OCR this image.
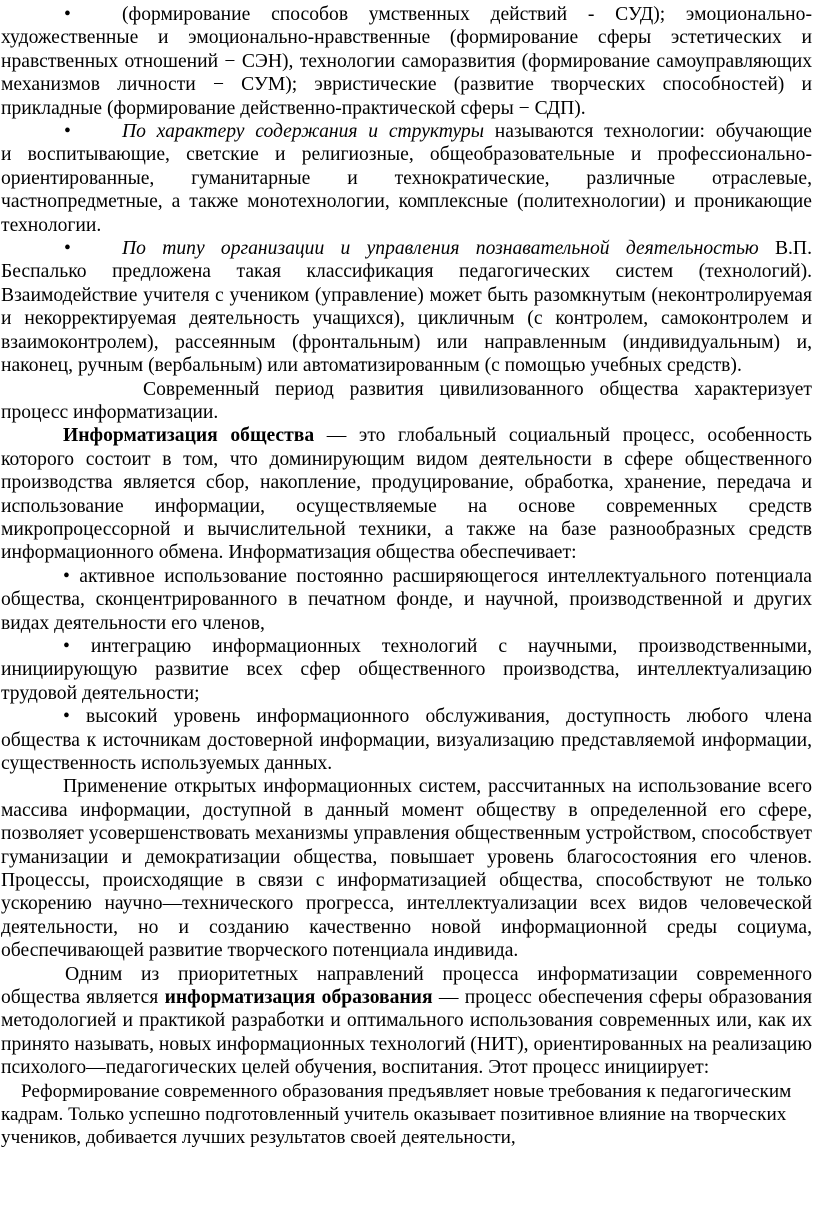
•	(формирование способов умственных действий - СУД); эмоционально-

художественные и эмоционально-нравственные (формирование сферы эстетических и нравственных отношений − СЭН), технологии саморазвития (формирование самоуправляющих механизмов личности − СУМ); эвристические (развитие творческих способностей) и прикладные (формирование действенно-практической сферы − СДП).

•	По характеру содержания и структуры называются технологии: обучающие

и воспитывающие, светские и религиозные, общеобразовательные и профессионально-ориентированные, гуманитарные и технократические, различные отраслевые, частнопредметные, а также монотехнологии, комплексные (политехнологии) и проникающие технологии.

•	По типу организации и управления познавательной деятельностью В.П.

Беспалько предложена такая классификация педагогических систем (технологий). Взаимодействие учителя с учеником (управление) может быть разомкнутым (неконтролируемая и некорректируемая деятельность учащихся), цикличным (с контролем, самоконтролем и взаимоконтролем), рассеянным (фронтальным) или направленным (индивидуальным) и, наконец, ручным (вербальным) или автоматизированным (с помощью учебных средств).

Современный период развития цивилизованного общества характеризует процесс информатизации.

Информатизация общества — это глобальный социальный процесс, особенность которого состоит в том, что доминирующим видом деятельности в сфере общественного производства является сбор, накопление, продуцирование, обработка, хранение, передача и использование информации, осуществляемые на основе современных средств микропроцессорной и вычислительной техники, а также на базе разнообразных средств информационного обмена. Информатизация общества обеспечивает:

• активное использование постоянно расширяющегося интеллектуального потенциала общества, сконцентрированного в печатном фонде, и научной, производственной и других видах деятельности его членов,

• интеграцию информационных технологий с научными, производственными, инициирующую развитие всех сфер общественного производства, интеллектуализацию трудовой деятельности;

• высокий уровень информационного обслуживания, доступность любого члена общества к источникам достоверной информации, визуализацию представляемой информации, существенность используемых данных.

Применение открытых информационных систем, рассчитанных на использование всего массива информации, доступной в данный момент обществу в определенной его сфере, позволяет усовершенствовать механизмы управления общественным устройством, способствует гуманизации и демократизации общества, повышает уровень благосостояния его членов. Процессы, происходящие в связи с информатизацией общества, способствуют не только ускорению научно—технического прогресса, интеллектуализации всех видов человеческой деятельности, но и созданию качественно новой информационной среды социума, обеспечивающей развитие творческого потенциала индивида.

Одним из приоритетных направлений процесса информатизации современного общества является информатизация образования — процесс обеспечения сферы образования методологией и практикой разработки и оптимального использования современных или, как их принято называть, новых информационных технологий (НИТ), ориентированных на реализацию психолого—педагогических целей обучения, воспитания. Этот процесс инициирует:

Реформирование современного образования предъявляет новые требования к педагогическим кадрам. Только успешно подготовленный учитель оказывает позитивное влияние на творческих учеников, добивается лучших результатов своей деятельности,
